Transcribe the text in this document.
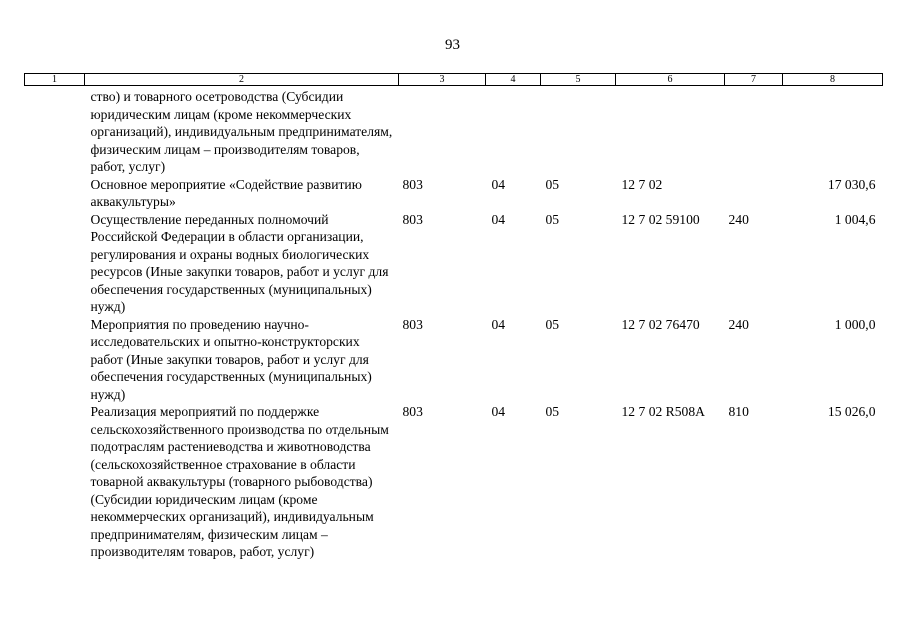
93
1	2	3	4	5	6	7	8
	ство) и товарного осетроводства (Субсидии юридическим лицам (кроме некоммерческих организаций), индивидуальным предпринимателям, физическим лицам – производителям товаров, работ, услуг)						
	Основное мероприятие «Содействие развитию аквакультуры»	803	04	05	12 7 02		17 030,6
	Осуществление переданных полномочий Российской Федерации в области организации, регулирования и охраны водных биологических ресурсов (Иные закупки товаров, работ и услуг для обеспечения государственных (муниципальных) нужд)	803	04	05	12 7 02 59100	240	1 004,6
	Мероприятия по проведению научно-исследовательских и опытно-конструкторских работ (Иные закупки товаров, работ и услуг для обеспечения государственных (муниципальных) нужд)	803	04	05	12 7 02 76470	240	1 000,0
	Реализация мероприятий по поддержке сельскохозяйственного производства по отдельным подотраслям растениеводства и животноводства (сельскохозяйственное страхование в области товарной аквакультуры (товарного рыбоводства) (Субсидии юридическим лицам (кроме некоммерческих организаций), индивидуальным предпринимателям, физическим лицам – производителям товаров, работ, услуг)	803	04	05	12 7 02 R508A	810	15 026,0
